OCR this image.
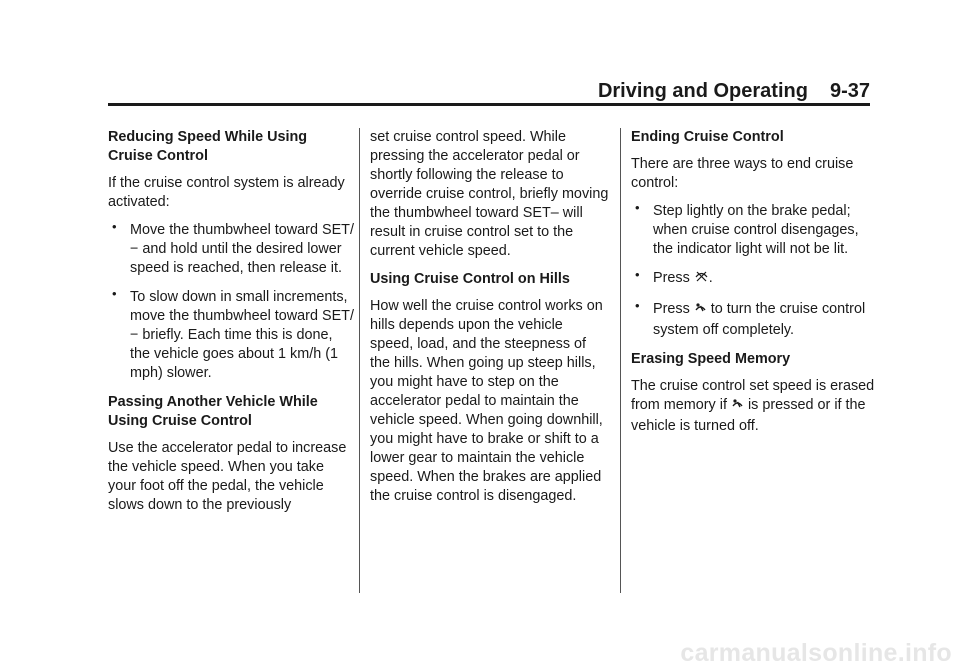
Driving and Operating 9-37
Reducing Speed While Using Cruise Control
If the cruise control system is already activated:
• Move the thumbwheel toward SET/− and hold until the desired lower speed is reached, then release it.
• To slow down in small increments, move the thumbwheel toward SET/− briefly. Each time this is done, the vehicle goes about 1 km/h (1 mph) slower.
Passing Another Vehicle While Using Cruise Control
Use the accelerator pedal to increase the vehicle speed. When you take your foot off the pedal, the vehicle slows down to the previously
set cruise control speed. While pressing the accelerator pedal or shortly following the release to override cruise control, briefly moving the thumbwheel toward SET– will result in cruise control set to the current vehicle speed.
Using Cruise Control on Hills
How well the cruise control works on hills depends upon the vehicle speed, load, and the steepness of the hills. When going up steep hills, you might have to step on the accelerator pedal to maintain the vehicle speed. When going downhill, you might have to brake or shift to a lower gear to maintain the vehicle speed. When the brakes are applied the cruise control is disengaged.
Ending Cruise Control
There are three ways to end cruise control:
• Step lightly on the brake pedal; when cruise control disengages, the indicator light will not be lit.
• Press .
• Press to turn the cruise control system off completely.
Erasing Speed Memory
The cruise control set speed is erased from memory if is pressed or if the vehicle is turned off.
carmanualsonline.info
